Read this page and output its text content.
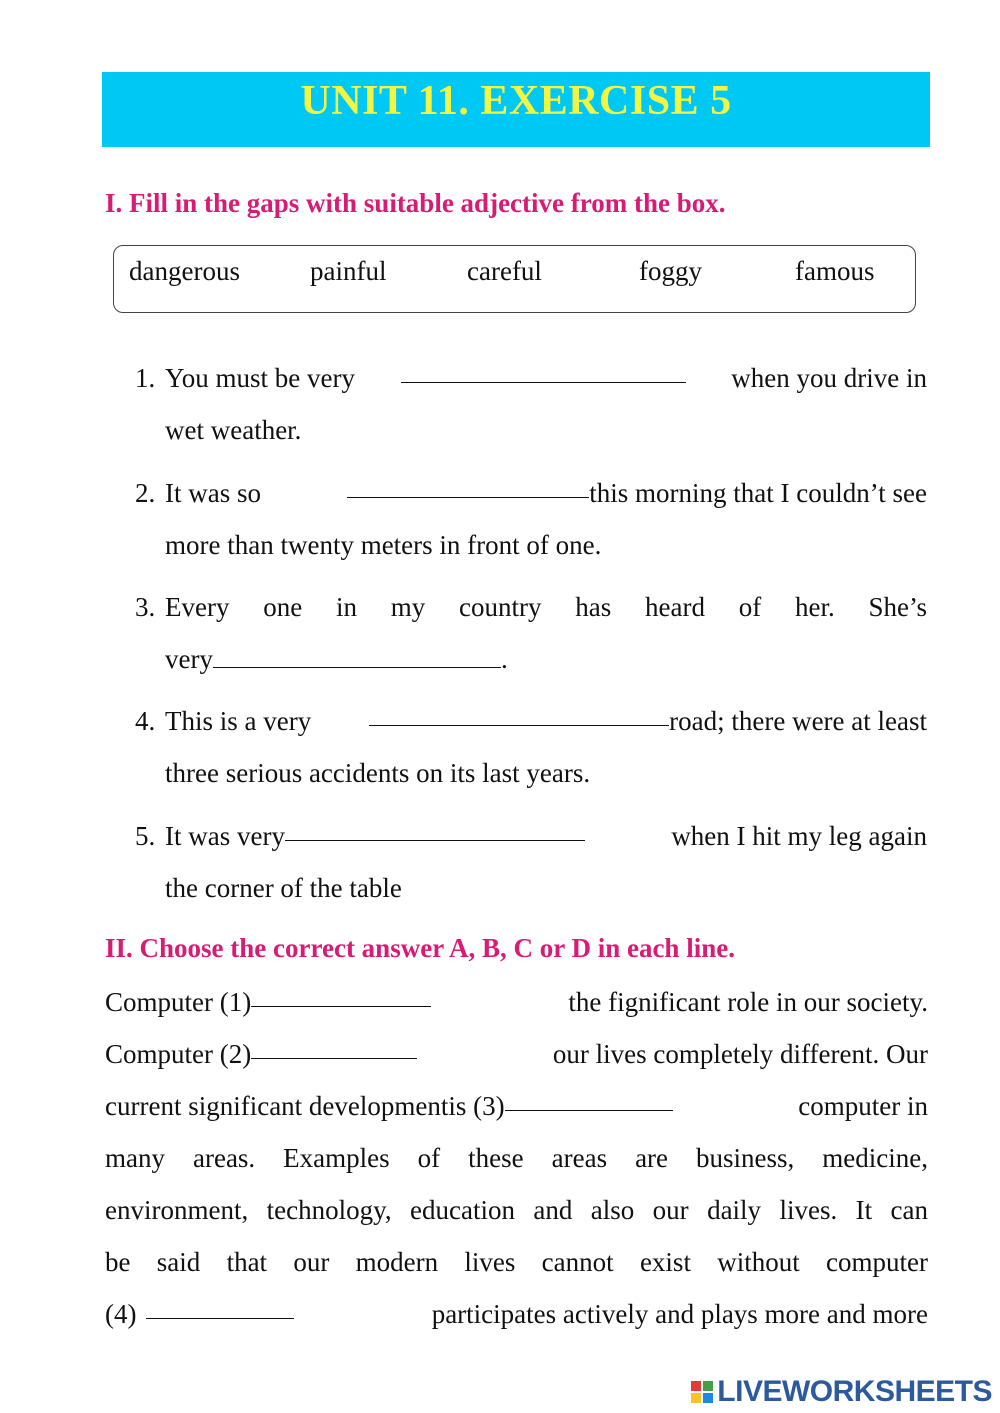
UNIT 11. EXERCISE 5
I. Fill in the gaps with suitable adjective from the box.
dangerous	painful	careful	foggy	famous
1. You must be very	when you drive in
wet weather.
2. It was so	this morning that I couldn’t see
more than twenty meters in front of one.
3. Every one in my country has heard of her. She’s
very	.
4. This is a very	road; there were at least
three serious accidents on its last years.
5. It was very	when I hit my leg again
the corner of the table
II. Choose the correct answer A, B, C or D in each line.
Computer (1)	the fignificant role in our society.
Computer (2)	our lives completely different. Our
current significant developmentis (3)	computer in
many areas. Examples of these areas are business, medicine,
environment, technology, education and also our daily lives. It can
be said that our modern lives cannot exist without computer
(4)	participates actively and plays more and more
LIVEWORKSHEETS
